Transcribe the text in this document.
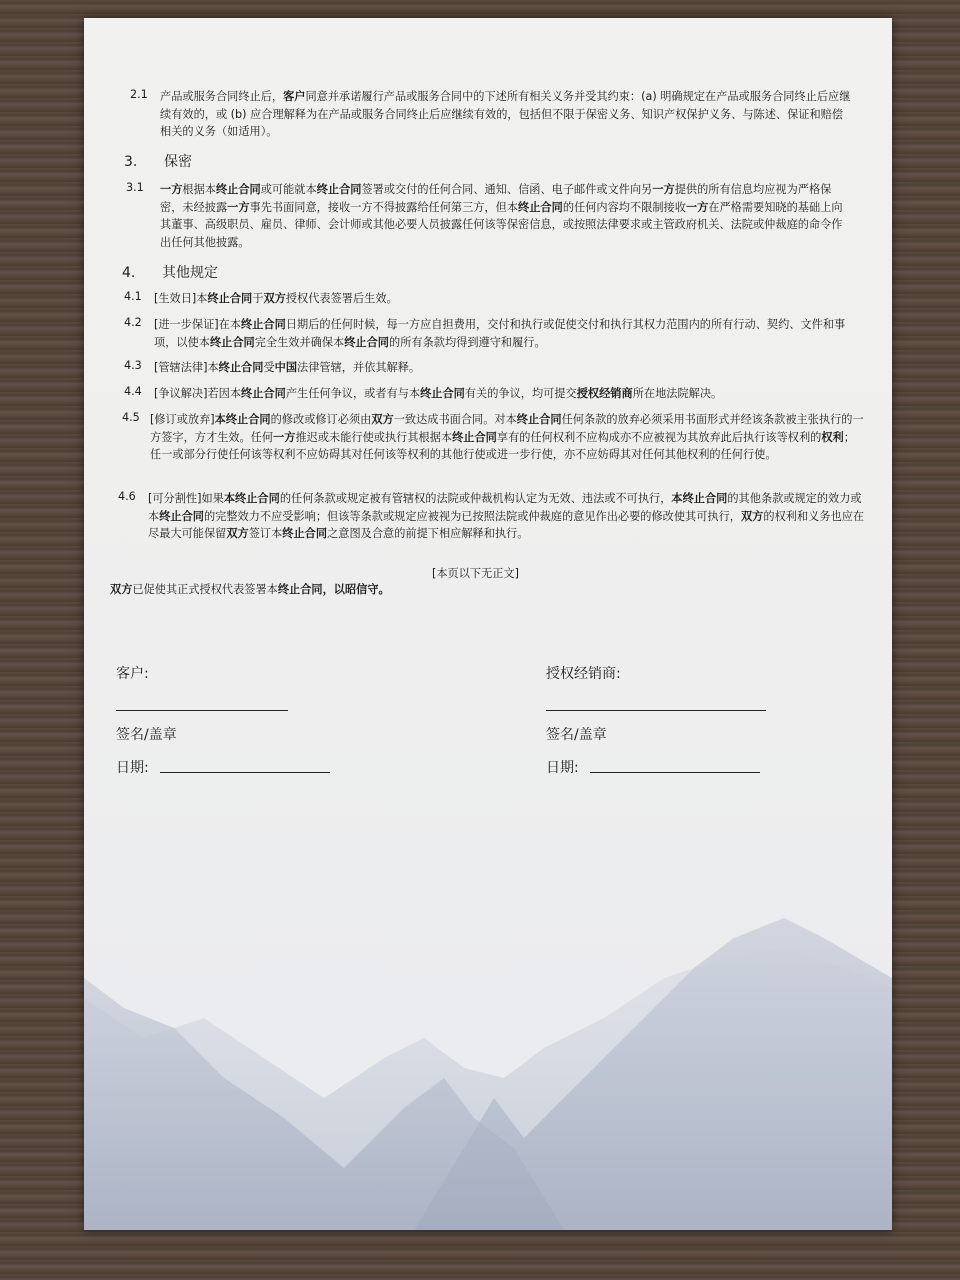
2.1 产品或服务合同终止后，客户同意并承诺履行产品或服务合同中的下述所有相关义务并受其约束：(a) 明确规定在产品或服务合同终止后应继续有效的，或 (b) 应合理解释为在产品或服务合同终止后应继续有效的，包括但不限于保密义务、知识产权保护义务、与陈述、保证和赔偿相关的义务（如适用）。
3. 保密
3.1 一方根据本终止合同或可能就本终止合同签署或交付的任何合同、通知、信函、电子邮件或文件向另一方提供的所有信息均应视为严格保密，未经披露一方事先书面同意，接收一方不得披露给任何第三方，但本终止合同的任何内容均不限制接收一方在严格需要知晓的基础上向其董事、高级职员、雇员、律师、会计师或其他必要人员披露任何该等保密信息，或按照法律要求或主管政府机关、法院或仲裁庭的命令作出任何其他披露。
4. 其他规定
4.1 [生效日]本终止合同于双方授权代表签署后生效。
4.2 [进一步保证]在本终止合同日期后的任何时候，每一方应自担费用，交付和执行或促使交付和执行其权力范围内的所有行动、契约、文件和事项，以使本终止合同完全生效并确保本终止合同的所有条款均得到遵守和履行。
4.3 [管辖法律]本终止合同受中国法律管辖，并依其解释。
4.4 [争议解决]若因本终止合同产生任何争议，或者有与本终止合同有关的争议，均可提交授权经销商所在地法院解决。
4.5 [修订或放弃]本终止合同的修改或修订必须由双方一致达成书面合同。对本终止合同任何条款的放弃必须采用书面形式并经该条款被主张执行的一方签字，方才生效。任何一方推迟或未能行使或执行其根据本终止合同享有的任何权利不应构成亦不应被视为其放弃此后执行该等权利的权利；任一或部分行使任何该等权利不应妨碍其对任何该等权利的其他行使或进一步行使，亦不应妨碍其对任何其他权利的任何行使。
4.6 [可分割性]如果本终止合同的任何条款或规定被有管辖权的法院或仲裁机构认定为无效、违法或不可执行，本终止合同的其他条款或规定的效力或本终止合同的完整效力不应受影响；但该等条款或规定应被视为已按照法院或仲裁庭的意见作出必要的修改使其可执行，双方的权利和义务也应在尽最大可能保留双方签订本终止合同之意图及合意的前提下相应解释和执行。
[本页以下无正文]
双方已促使其正式授权代表签署本终止合同，以昭信守。
客户:
签名/盖章
日期:
授权经销商:
签名/盖章
日期:
